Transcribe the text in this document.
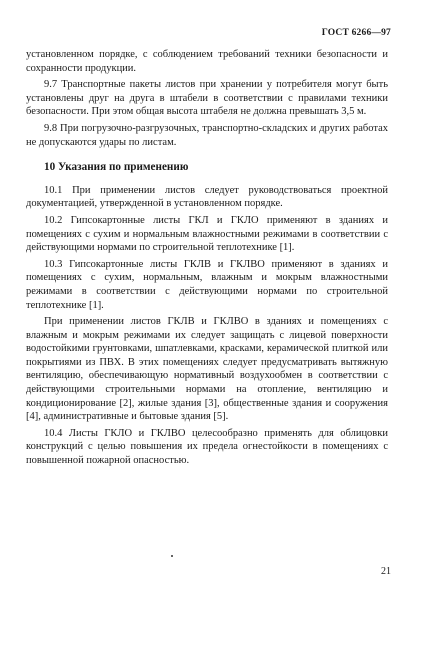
ГОСТ 6266—97

установленном порядке, с соблюдением требований техники безопасности и сохранности продукции.

9.7 Транспортные пакеты листов при хранении у потребителя могут быть установлены друг на друга в штабели в соответствии с правилами техники безопасности. При этом общая высота штабеля не должна превышать 3,5 м.

9.8 При погрузочно-разгрузочных, транспортно-складских и других работах не допускаются удары по листам.

10 Указания по применению

10.1 При применении листов следует руководствоваться проектной документацией, утвержденной в установленном порядке.

10.2 Гипсокартонные листы ГКЛ и ГКЛО применяют в зданиях и помещениях с сухим и нормальным влажностными режимами в соответствии с действующими нормами по строительной теплотехнике [1].

10.3 Гипсокартонные листы ГКЛВ и ГКЛВО применяют в зданиях и помещениях с сухим, нормальным, влажным и мокрым влажностными режимами в соответствии с действующими нормами по строительной теплотехнике [1].

При применении листов ГКЛВ и ГКЛВО в зданиях и помещениях с влажным и мокрым режимами их следует защищать с лицевой поверхности водостойкими грунтовками, шпатлевками, красками, керамической плиткой или покрытиями из ПВХ. В этих помещениях следует предусматривать вытяжную вентиляцию, обеспечивающую нормативный воздухообмен в соответствии с действующими строительными нормами на отопление, вентиляцию и кондиционирование [2], жилые здания [3], общественные здания и сооружения [4], административные и бытовые здания [5].

10.4 Листы ГКЛО и ГКЛВО целесообразно применять для облицовки конструкций с целью повышения их предела огнестойкости в помещениях с повышенной пожарной опасностью.

21
